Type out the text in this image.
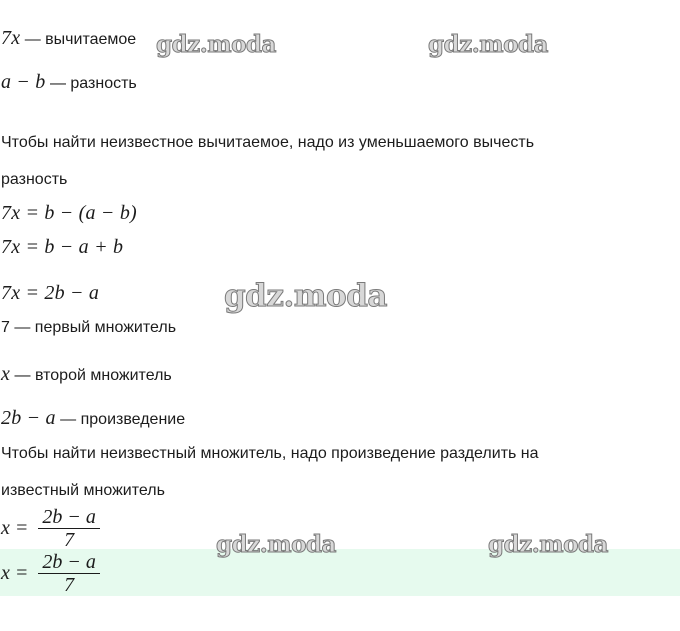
7x — вычитаемое
a − b — разность
Чтобы найти неизвестное вычитаемое, надо из уменьшаемого вычесть
разность
7x = b − (a − b)
7x = b − a + b
7x = 2b − a
7 — первый множитель
x — второй множитель
2b − a — произведение
Чтобы найти неизвестный множитель, надо произведение разделить на
известный множитель
$x = \frac{2b - a}{7}$
$x = \frac{2b - a}{7}$
gdz.moda	gdz.moda
gdz.moda
gdz.moda	gdz.moda
